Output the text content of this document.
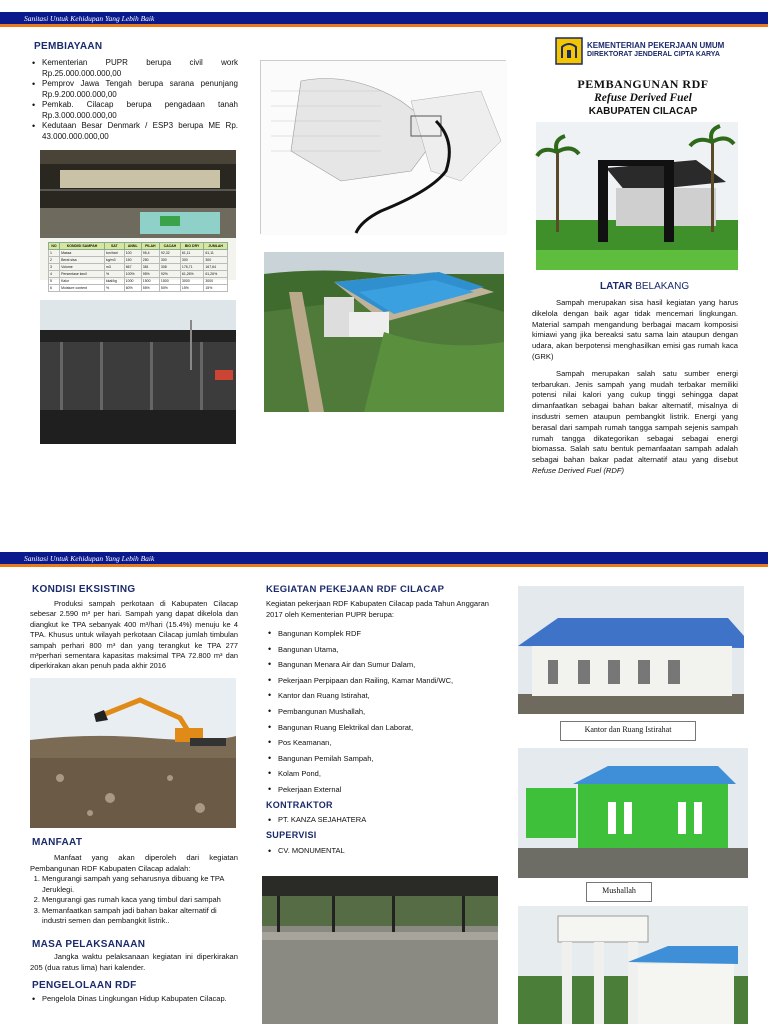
Sanitasi Untuk Kehidupan Yang Lebih Baik
PEMBIAYAAN
• Kementerian PUPR berupa civil work Rp.25.000.000.000,00
• Pemprov Jawa Tengah berupa sarana penunjang Rp.9.200.000.000,00
• Pemkab. Cilacap berupa pengadaan tanah Rp.3.000.000.000,00
• Kedutaan Besar Denmark / ESP3 berupa ME Rp. 43.000.000.000,00
NO	KONDISI SAMPAH	SAT	ANNL	PILAH	CACAH	BIO DRY	JUMLAH
1	Massa	ton/hari	100	95,4	92,32	61,11	61,11
2	Berat sisa	kg/m3	150	250	300	300	300
3	Volume	m3	667	381	308	176,71	167,64
4	Persentase kecil	%	100%	95%	92%	61,26%	61,26%
5	Kalor	kkal/kg	1000	1500	1500	3000	3000
6	Moisture content	%	60%	55%	50%	15%	15%
KEMENTERIAN PEKERJAAN UMUM
DIREKTORAT JENDERAL CIPTA KARYA
PEMBANGUNAN RDF
Refuse Derived Fuel
KABUPATEN CILACAP
LATAR BELAKANG

Sampah merupakan sisa hasil kegiatan yang harus dikelola dengan baik agar tidak mencemari lingkungan. Material sampah mengandung berbagai macam komposisi kimiawi yang jika bereaksi satu sama lain ataupun dengan udara, akan berpotensi menghasilkan emisi gas rumah kaca (GRK)

Sampah merupakan salah satu sumber energi terbarukan. Jenis sampah yang mudah terbakar memiliki potensi nilai kalori yang cukup tinggi sehingga dapat dimanfaatkan sebagai bahan bakar alternatif, misalnya di insdustri semen ataupun pembangkit listrik. Energi yang berasal dari sampah rumah tangga sampah sejenis sampah rumah tangga dikategorikan sebagai sebagai energi biomassa. Salah satu bentuk pemanfaatan sampah adalah sebagai bahan bakar padat alternatif atau yang disebut Refuse Derived Fuel (RDF)

Sanitasi Untuk Kehidupan Yang Lebih Baik
KONDISI EKSISTING

Produksi sampah perkotaan di Kabupaten Cilacap sebesar 2.590 m³ per hari. Sampah yang dapat dikelola dan diangkut ke TPA sebanyak 400 m³/hari (15.4%) menuju ke 4 TPA. Khusus untuk wilayah perkotaan Cilacap jumlah timbulan sampah perhari 800 m³ dan yang terangkut ke TPA 277 m³perhari sementara kapasitas maksimal TPA 72.800 m³ dan diperkirakan akan penuh pada akhir 2016

MANFAAT

Manfaat yang akan diperoleh dari kegiatan Pembangunan RDF Kabupaten Cilacap adalah:

1. Mengurangi sampah yang seharusnya dibuang ke TPA Jeruklegi.
2. Mengurangi gas rumah kaca yang timbul dari sampah
3. Memanfaatkan sampah jadi bahan bakar alternatif di industri semen dan pembangkit listrik..
MASA PELAKSANAAN

Jangka waktu pelaksanaan kegiatan ini diperkirakan 205 (dua ratus lima) hari kalender.

PENGELOLAAN RDF
• Pengelola Dinas Lingkungan Hidup Kabupaten Cilacap.
KEGIATAN PEKEJAAN RDF CILACAP

Kegiatan pekerjaan RDF Kabupaten Cilacap pada Tahun Anggaran 2017 oleh Kementerian PUPR berupa:

• Bangunan Komplek RDF
• Bangunan Utama,
• Bangunan Menara Air dan Sumur Dalam,
• Pekerjaan Perpipaan dan Railing, Kamar Mandi/WC,
• Kantor dan Ruang Istirahat,
• Pembangunan Mushallah,
• Bangunan Ruang Elektrikal dan Laborat,
• Pos Keamanan,
• Bangunan Pemilah Sampah,
• Kolam Pond,
• Pekerjaan External
KONTRAKTOR
• PT. KANZA SEJAHATERA
SUPERVISI
• CV. MONUMENTAL
Kantor dan Ruang Istirahat
Mushallah
